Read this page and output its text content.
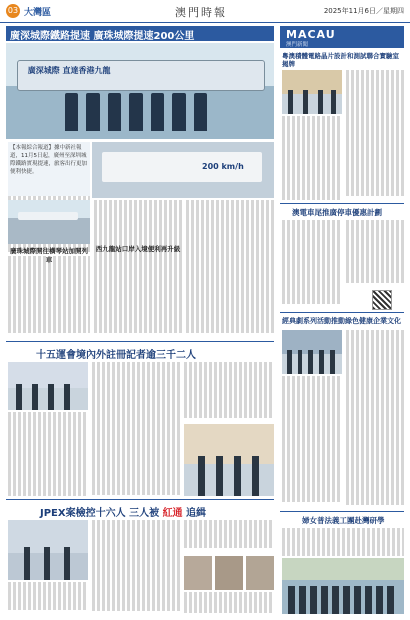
03 大灣區	澳門時報	2025年11月6日／星期四
廣深城際鐵路提速 廣珠城際提速200公里
廣深城際 直達香港九龍
【本報綜合報道】據中新社報道，11月5日起，廣州至深圳城際鐵路實現提速，旅客出行更加便利快捷。
200 km/h
廣珠城際開往橫琴站加開列車
西九龍站口岸入境便利再升級
十五運會境內外註冊記者逾三千二人
JPEX案檢控十六人 三人被 紅通 追緝
MACAU
澳門新聞
粵澳積體電路晶片設計和測試聯合實驗室揭牌
澳電車尾推廣停車優惠計劃
經典劇系列活動推動綠色健康企業文化
婦女普法義工團赴灣研學
